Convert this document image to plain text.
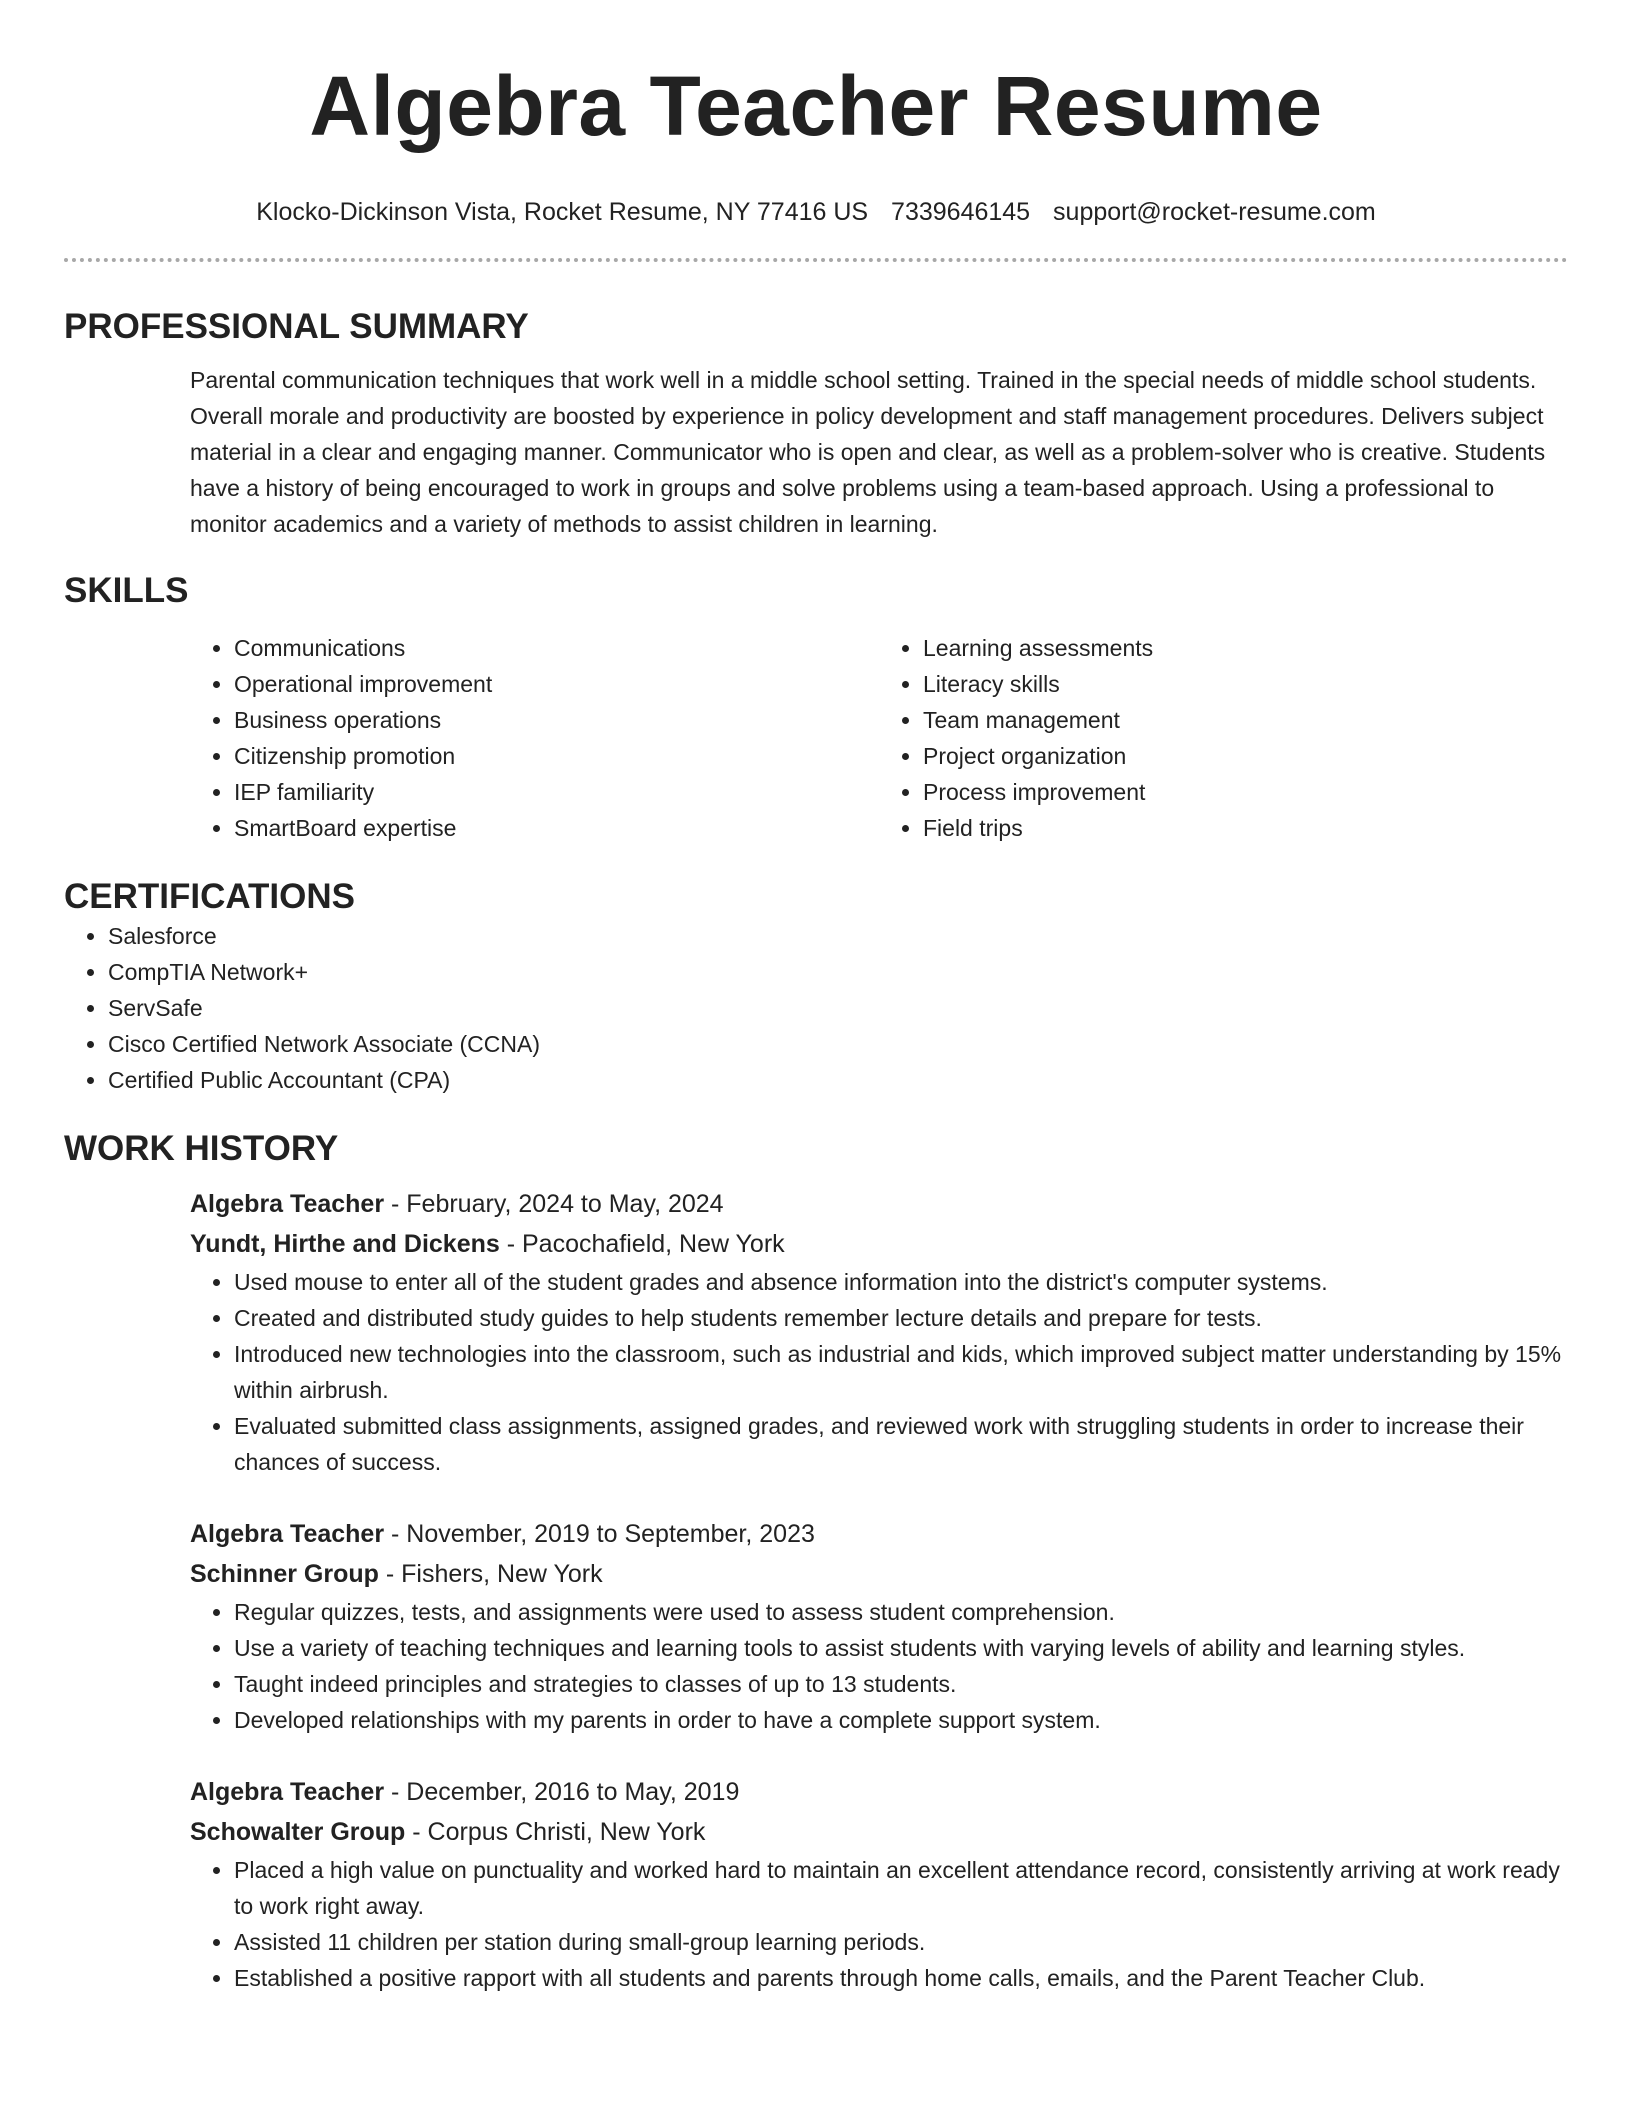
Algebra Teacher Resume
Klocko-Dickinson Vista, Rocket Resume, NY 77416 US 7339646145 support@rocket-resume.com
PROFESSIONAL SUMMARY

Parental communication techniques that work well in a middle school setting. Trained in the special needs of middle school students. Overall morale and productivity are boosted by experience in policy development and staff management procedures. Delivers subject material in a clear and engaging manner. Communicator who is open and clear, as well as a problem-solver who is creative. Students have a history of being encouraged to work in groups and solve problems using a team-based approach. Using a professional to monitor academics and a variety of methods to assist children in learning.

SKILLS
• Communications
• Operational improvement
• Business operations
• Citizenship promotion
• IEP familiarity
• SmartBoard expertise
• Learning assessments
• Literacy skills
• Team management
• Project organization
• Process improvement
• Field trips
CERTIFICATIONS
• Salesforce
• CompTIA Network+
• ServSafe
• Cisco Certified Network Associate (CCNA)
• Certified Public Accountant (CPA)
WORK HISTORY
Algebra Teacher - February, 2024 to May, 2024
Yundt, Hirthe and Dickens - Pacochafield, New York
• Used mouse to enter all of the student grades and absence information into the district's computer systems.
• Created and distributed study guides to help students remember lecture details and prepare for tests.
• Introduced new technologies into the classroom, such as industrial and kids, which improved subject matter understanding by 15% within airbrush.
• Evaluated submitted class assignments, assigned grades, and reviewed work with struggling students in order to increase their chances of success.
Algebra Teacher - November, 2019 to September, 2023
Schinner Group - Fishers, New York
• Regular quizzes, tests, and assignments were used to assess student comprehension.
• Use a variety of teaching techniques and learning tools to assist students with varying levels of ability and learning styles.
• Taught indeed principles and strategies to classes of up to 13 students.
• Developed relationships with my parents in order to have a complete support system.
Algebra Teacher - December, 2016 to May, 2019
Schowalter Group - Corpus Christi, New York
• Placed a high value on punctuality and worked hard to maintain an excellent attendance record, consistently arriving at work ready to work right away.
• Assisted 11 children per station during small-group learning periods.
• Established a positive rapport with all students and parents through home calls, emails, and the Parent Teacher Club.
